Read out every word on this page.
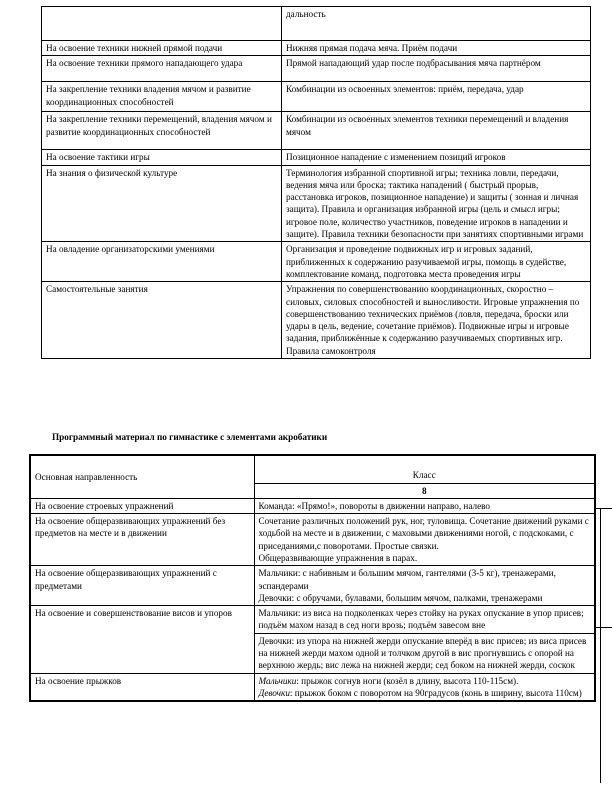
	дальность
На освоение техники нижней прямой подачи	Нижняя прямая подача мяча. Приём подачи
На освоение техники прямого нападающего удара	Прямой нападающий удар после подбрасывания мяча партнёром
На закрепление техники владения мячом и развитие координационных способностей	Комбинации из освоенных элементов: приём, передача, удар
На закрепление техники перемещений, владения мячом и развитие координационных способностей	Комбинации из освоенных элементов техники перемещений и владения мячом
На освоение тактики игры	Позиционное нападение с изменением позиций игроков
На знания о физической культуре	Терминология избранной спортивной игры; техника ловли, передачи, ведения мяча или броска; тактика нападений ( быстрый прорыв, расстановка игроков, позиционное нападение) и защиты ( зонная и личная защита). Правила и организация избранной игры (цель и смысл игры; игровое поле, количество участников, поведение игроков в нападении и защите). Правила техники безопасности при занятиях спортивными играми
На овладение организаторскими умениями	Организация и проведение подвижных игр и игровых заданий, приближенных к содержанию разучиваемой игры, помощь в судействе, комплектование команд, подготовка места проведения игры
Самостоятельные занятия	Упражнения по совершенствованию координационных, скоростно – силовых, силовых способностей и выносливости. Игровые упражнения по совершенствованию технических приёмов (ловля, передача, броски или удары в цель, ведение, сочетание приёмов). Подвижные игры и игровые задания, приближённые к содержанию разучиваемых спортивных игр. Правила самоконтроля
Программный материал по гимнастике с элементами акробатики
Основная направленность	Класс
	8
На освоение строевых упражнений	Команда: «Прямо!», повороты в движении направо, налево
На освоение общеразвивающих упражнений без предметов на месте и в движении	Сочетание различных положений рук, ног, туловища. Сочетание движений руками с ходьбой на месте и в движении, с маховыми движениями ногой, с подскоками, с приседаниями,с поворотами. Простые связки.
Общеразвивающие упражнения в парах.

На освоение общеразвивающих упражнений с предметами	Мальчики: с набивным и большим мячом, гантелями (3-5 кг), тренажерами, эспандерами
Девочки: с обручами, булавами, большим мячом, палками, тренажерами

На освоение и совершенствование висов и упоров	Мальчики: из виса на подколенках через стойку на руках опускание в упор присев; подъём махом назад в сед ноги врозь; подъём завесом вне
	Девочки: из упора на нижней жерди опускание вперёд в вис присев; из виса присев на нижней жерди махом одной и толчком другой в вис прогнувшись с опорой на верхнюю жердь; вис лежа на нижней жерди; сед боком на нижней жерди, соскок
На освоение прыжков	Мальчики: прыжок согнув ноги (козёл в длину, высота 110-115см).
Девочки: прыжок боком с поворотом на 90градусов (конь в ширину, высота 110см)
